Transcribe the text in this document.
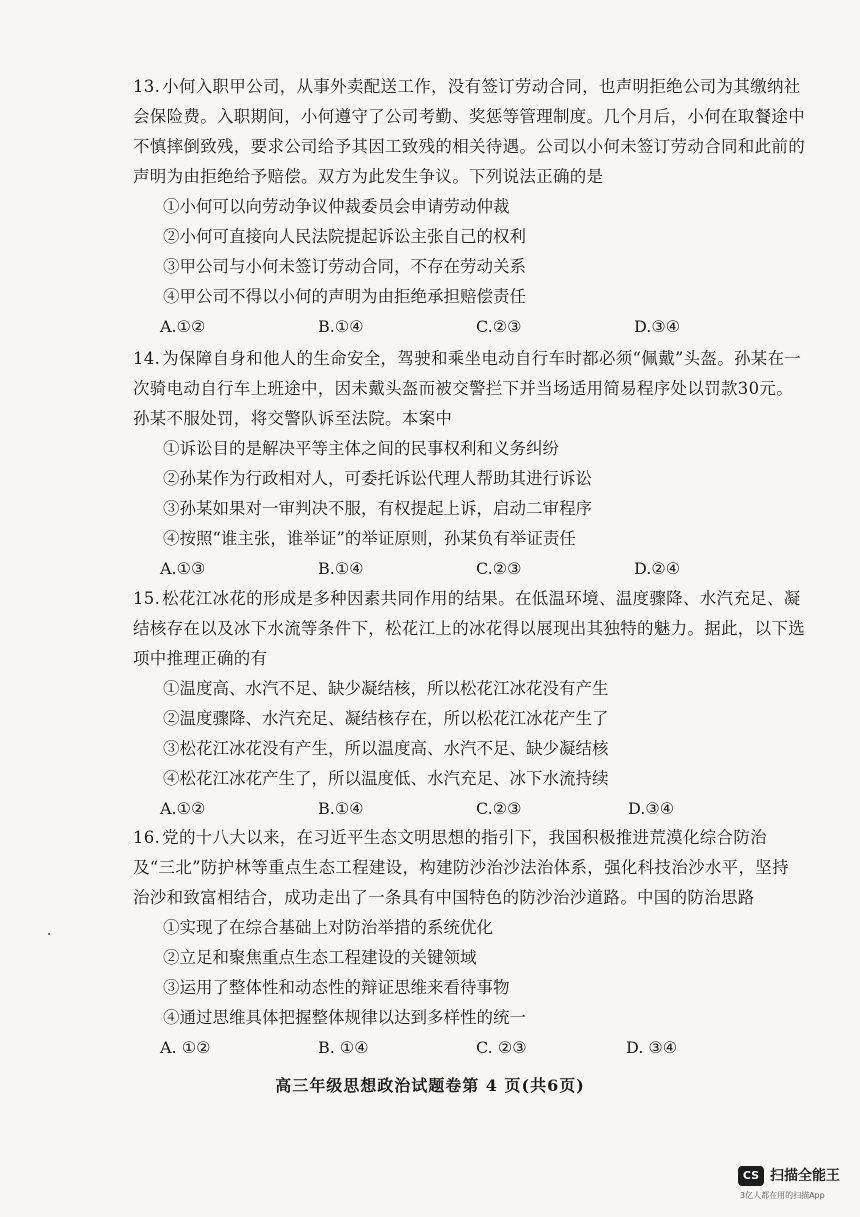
13. 小何入职甲公司，从事外卖配送工作，没有签订劳动合同，也声明拒绝公司为其缴纳社会保险费。入职期间，小何遵守了公司考勤、奖惩等管理制度。几个月后，小何在取餐途中不慎摔倒致残，要求公司给予其因工致残的相关待遇。公司以小何未签订劳动合同和此前的声明为由拒绝给予赔偿。双方为此发生争议。下列说法正确的是
①小何可以向劳动争议仲裁委员会申请劳动仲裁
②小何可直接向人民法院提起诉讼主张自己的权利
③甲公司与小何未签订劳动合同，不存在劳动关系
④甲公司不得以小何的声明为由拒绝承担赔偿责任
A.①②	B.①④	C.②③	D.③④
14. 为保障自身和他人的生命安全，驾驶和乘坐电动自行车时都必须“佩戴”头盔。孙某在一次骑电动自行车上班途中，因未戴头盔而被交警拦下并当场适用简易程序处以罚款30元。孙某不服处罚，将交警队诉至法院。本案中
①诉讼目的是解决平等主体之间的民事权利和义务纠纷
②孙某作为行政相对人，可委托诉讼代理人帮助其进行诉讼
③孙某如果对一审判决不服，有权提起上诉，启动二审程序
④按照“谁主张，谁举证”的举证原则，孙某负有举证责任
A.①③	B.①④	C.②③	D.②④
15. 松花江冰花的形成是多种因素共同作用的结果。在低温环境、温度骤降、水汽充足、凝结核存在以及冰下水流等条件下，松花江上的冰花得以展现出其独特的魅力。据此，以下选项中推理正确的有
①温度高、水汽不足、缺少凝结核，所以松花江冰花没有产生
②温度骤降、水汽充足、凝结核存在，所以松花江冰花产生了
③松花江冰花没有产生，所以温度高、水汽不足、缺少凝结核
④松花江冰花产生了，所以温度低、水汽充足、冰下水流持续
A.①②	B.①④	C.②③	D.③④
16. 党的十八大以来，在习近平生态文明思想的指引下，我国积极推进荒漠化综合防治及“三北”防护林等重点生态工程建设，构建防沙治沙法治体系，强化科技治沙水平，坚持治沙和致富相结合，成功走出了一条具有中国特色的防沙治沙道路。中国的防治思路
①实现了在综合基础上对防治举措的系统优化
②立足和聚焦重点生态工程建设的关键领域
③运用了整体性和动态性的辩证思维来看待事物
④通过思维具体把握整体规律以达到多样性的统一
A. ①②	B. ①④	C. ②③	D. ③④
高三年级思想政治试题卷第 4 页(共6页)
CS 扫描全能王
3亿人都在用的扫描App
